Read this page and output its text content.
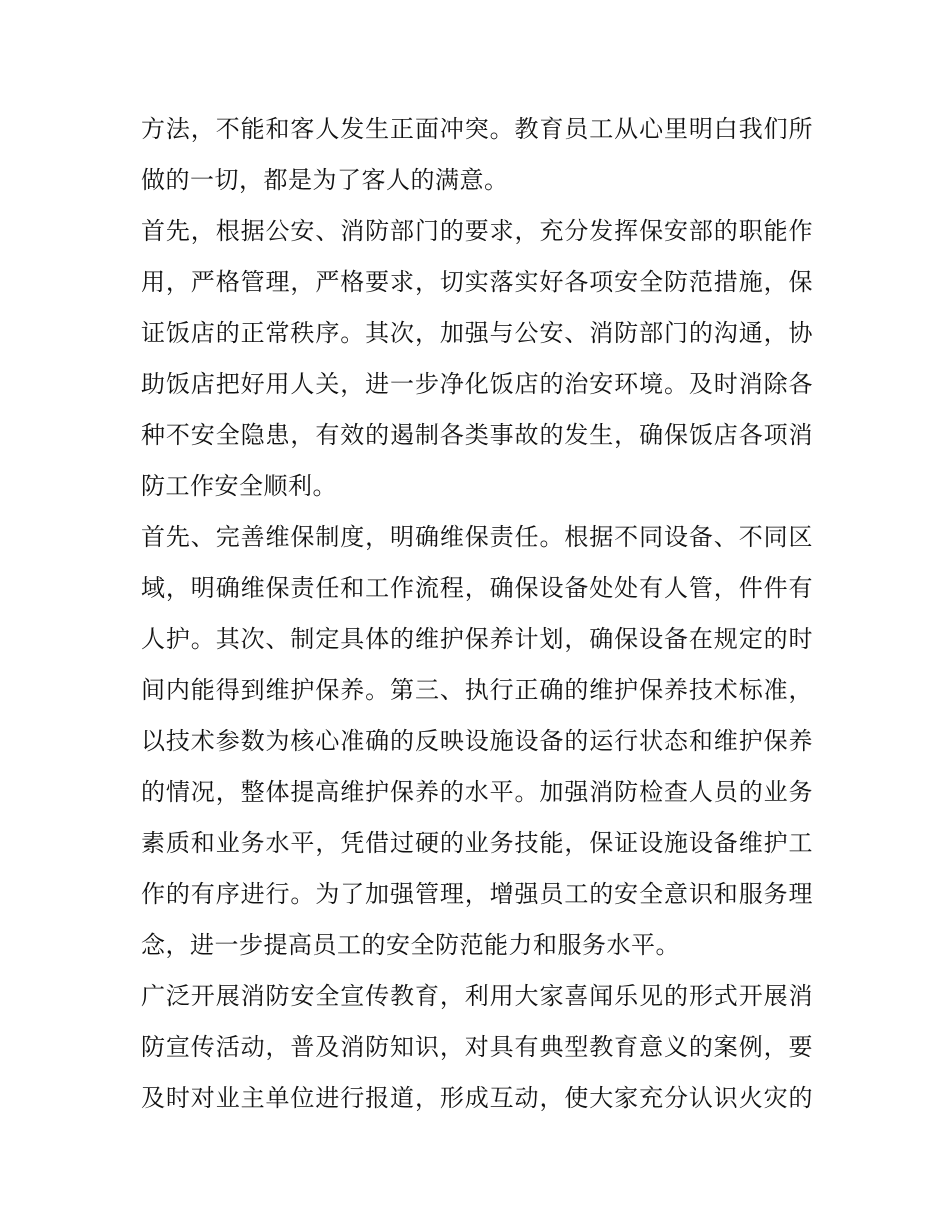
方法，不能和客人发生正面冲突。教育员工从心里明白我们所
做的一切，都是为了客人的满意。
首先，根据公安、消防部门的要求，充分发挥保安部的职能作
用，严格管理，严格要求，切实落实好各项安全防范措施，保
证饭店的正常秩序。其次，加强与公安、消防部门的沟通，协
助饭店把好用人关，进一步净化饭店的治安环境。及时消除各
种不安全隐患，有效的遏制各类事故的发生，确保饭店各项消
防工作安全顺利。
首先、完善维保制度，明确维保责任。根据不同设备、不同区
域，明确维保责任和工作流程，确保设备处处有人管，件件有
人护。其次、制定具体的维护保养计划，确保设备在规定的时
间内能得到维护保养。第三、执行正确的维护保养技术标准，
以技术参数为核心准确的反映设施设备的运行状态和维护保养
的情况，整体提高维护保养的水平。加强消防检查人员的业务
素质和业务水平，凭借过硬的业务技能，保证设施设备维护工
作的有序进行。为了加强管理，增强员工的安全意识和服务理
念，进一步提高员工的安全防范能力和服务水平。
广泛开展消防安全宣传教育，利用大家喜闻乐见的形式开展消
防宣传活动，普及消防知识，对具有典型教育意义的案例，要
及时对业主单位进行报道，形成互动，使大家充分认识火灾的
